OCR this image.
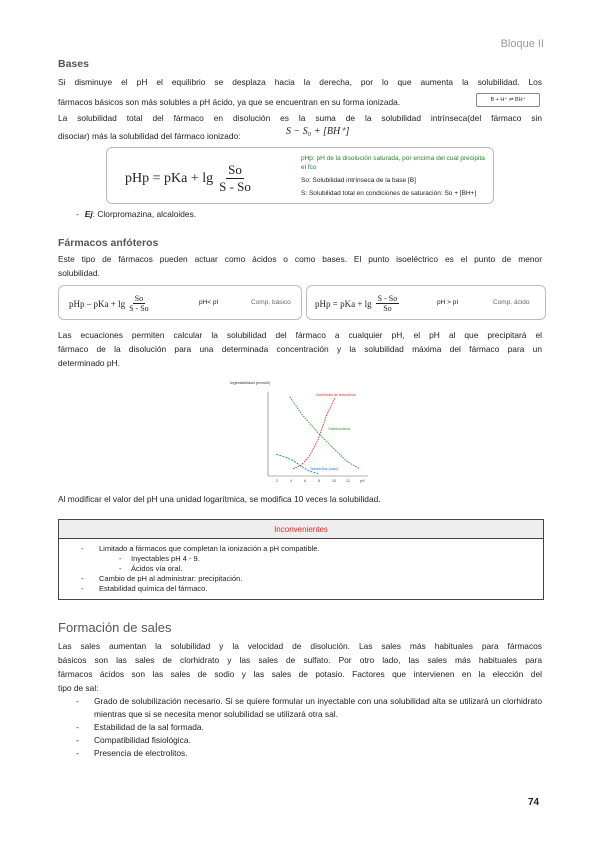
Bloque II
Bases
Si disminuye el pH el equilibrio se desplaza hacia la derecha, por lo que aumenta la solubilidad. Los
fármacos básicos son más solubles a pH ácido, ya que se encuentran en su forma ionizada.	B + H⁺ ⇌ BH⁺
La solubilidad total del fármaco en disolución es la suma de la solubilidad intrínseca(del fármaco sin
disociar) más la solubilidad del fármaco ionizado:	S − S₀ + [BH⁺]
pHp = pKa + $\lg \frac{So}{S - So}$
pHp: pH de la disolución saturada, por encima del cual precipita el fco
So: Solubilidad intrínseca de la base [B]
S: Solubilidad total en condiciones de saturación: So + [BH+]
- Ej: Clorpromazina, alcaloides.
Fármacos anfóteros
Este tipo de fármacos pueden actuar como ácidos o como bases. El punto isoeléctrico es el punto de menor
solubilidad.
pHp – pKa + $\lg \frac{So}{S - So}$	pH< pI	Comp. básico	pHp = pKa + $\lg \frac{S - So}{So}$	pH > pI	Comp. ácido
Las ecuaciones permiten calcular la solubilidad del fármaco a cualquier pH, el pH al que precipitará el
fármaco de la disolución para una determinada concentración y la solubilidad máxima del fármaco para un
determinado pH.
Ingestabilidad (mmol/l)
2	4	6	8	10	12	pH
Clorhidrato de tetraciclina
Oxitetraciclina
Tetraciclina (base)
Al modificar el valor del pH una unidad logarítmica, se modifica 10 veces la solubilidad.
Inconvenientes

- Limitado a fármacos que completan la ionización a pH compatible.
- Inyectables pH 4 - 9.
- Ácidos vía oral.
- Cambio de pH al administrar: precipitación.
- Estabilidad química del fármaco.
Formación de sales
Las sales aumentan la solubilidad y la velocidad de disolución. Las sales más habituales para fármacos
básicos son las sales de clorhidrato y las sales de sulfato. Por otro lado, las sales más habituales para
fármacos ácidos son las sales de sodio y las sales de potasio. Factores que intervienen en la elección del
tipo de sal:
-	Grado de solubilización necesario. Si se quiere formular un inyectable con una solubilidad alta se utilizará un clorhidrato mientras que si se necesita menor solubilidad se utilizará otra sal.
-	Estabilidad de la sal formada.
-	Compatibilidad fisiológica.
-	Presencia de electrolitos.
74
